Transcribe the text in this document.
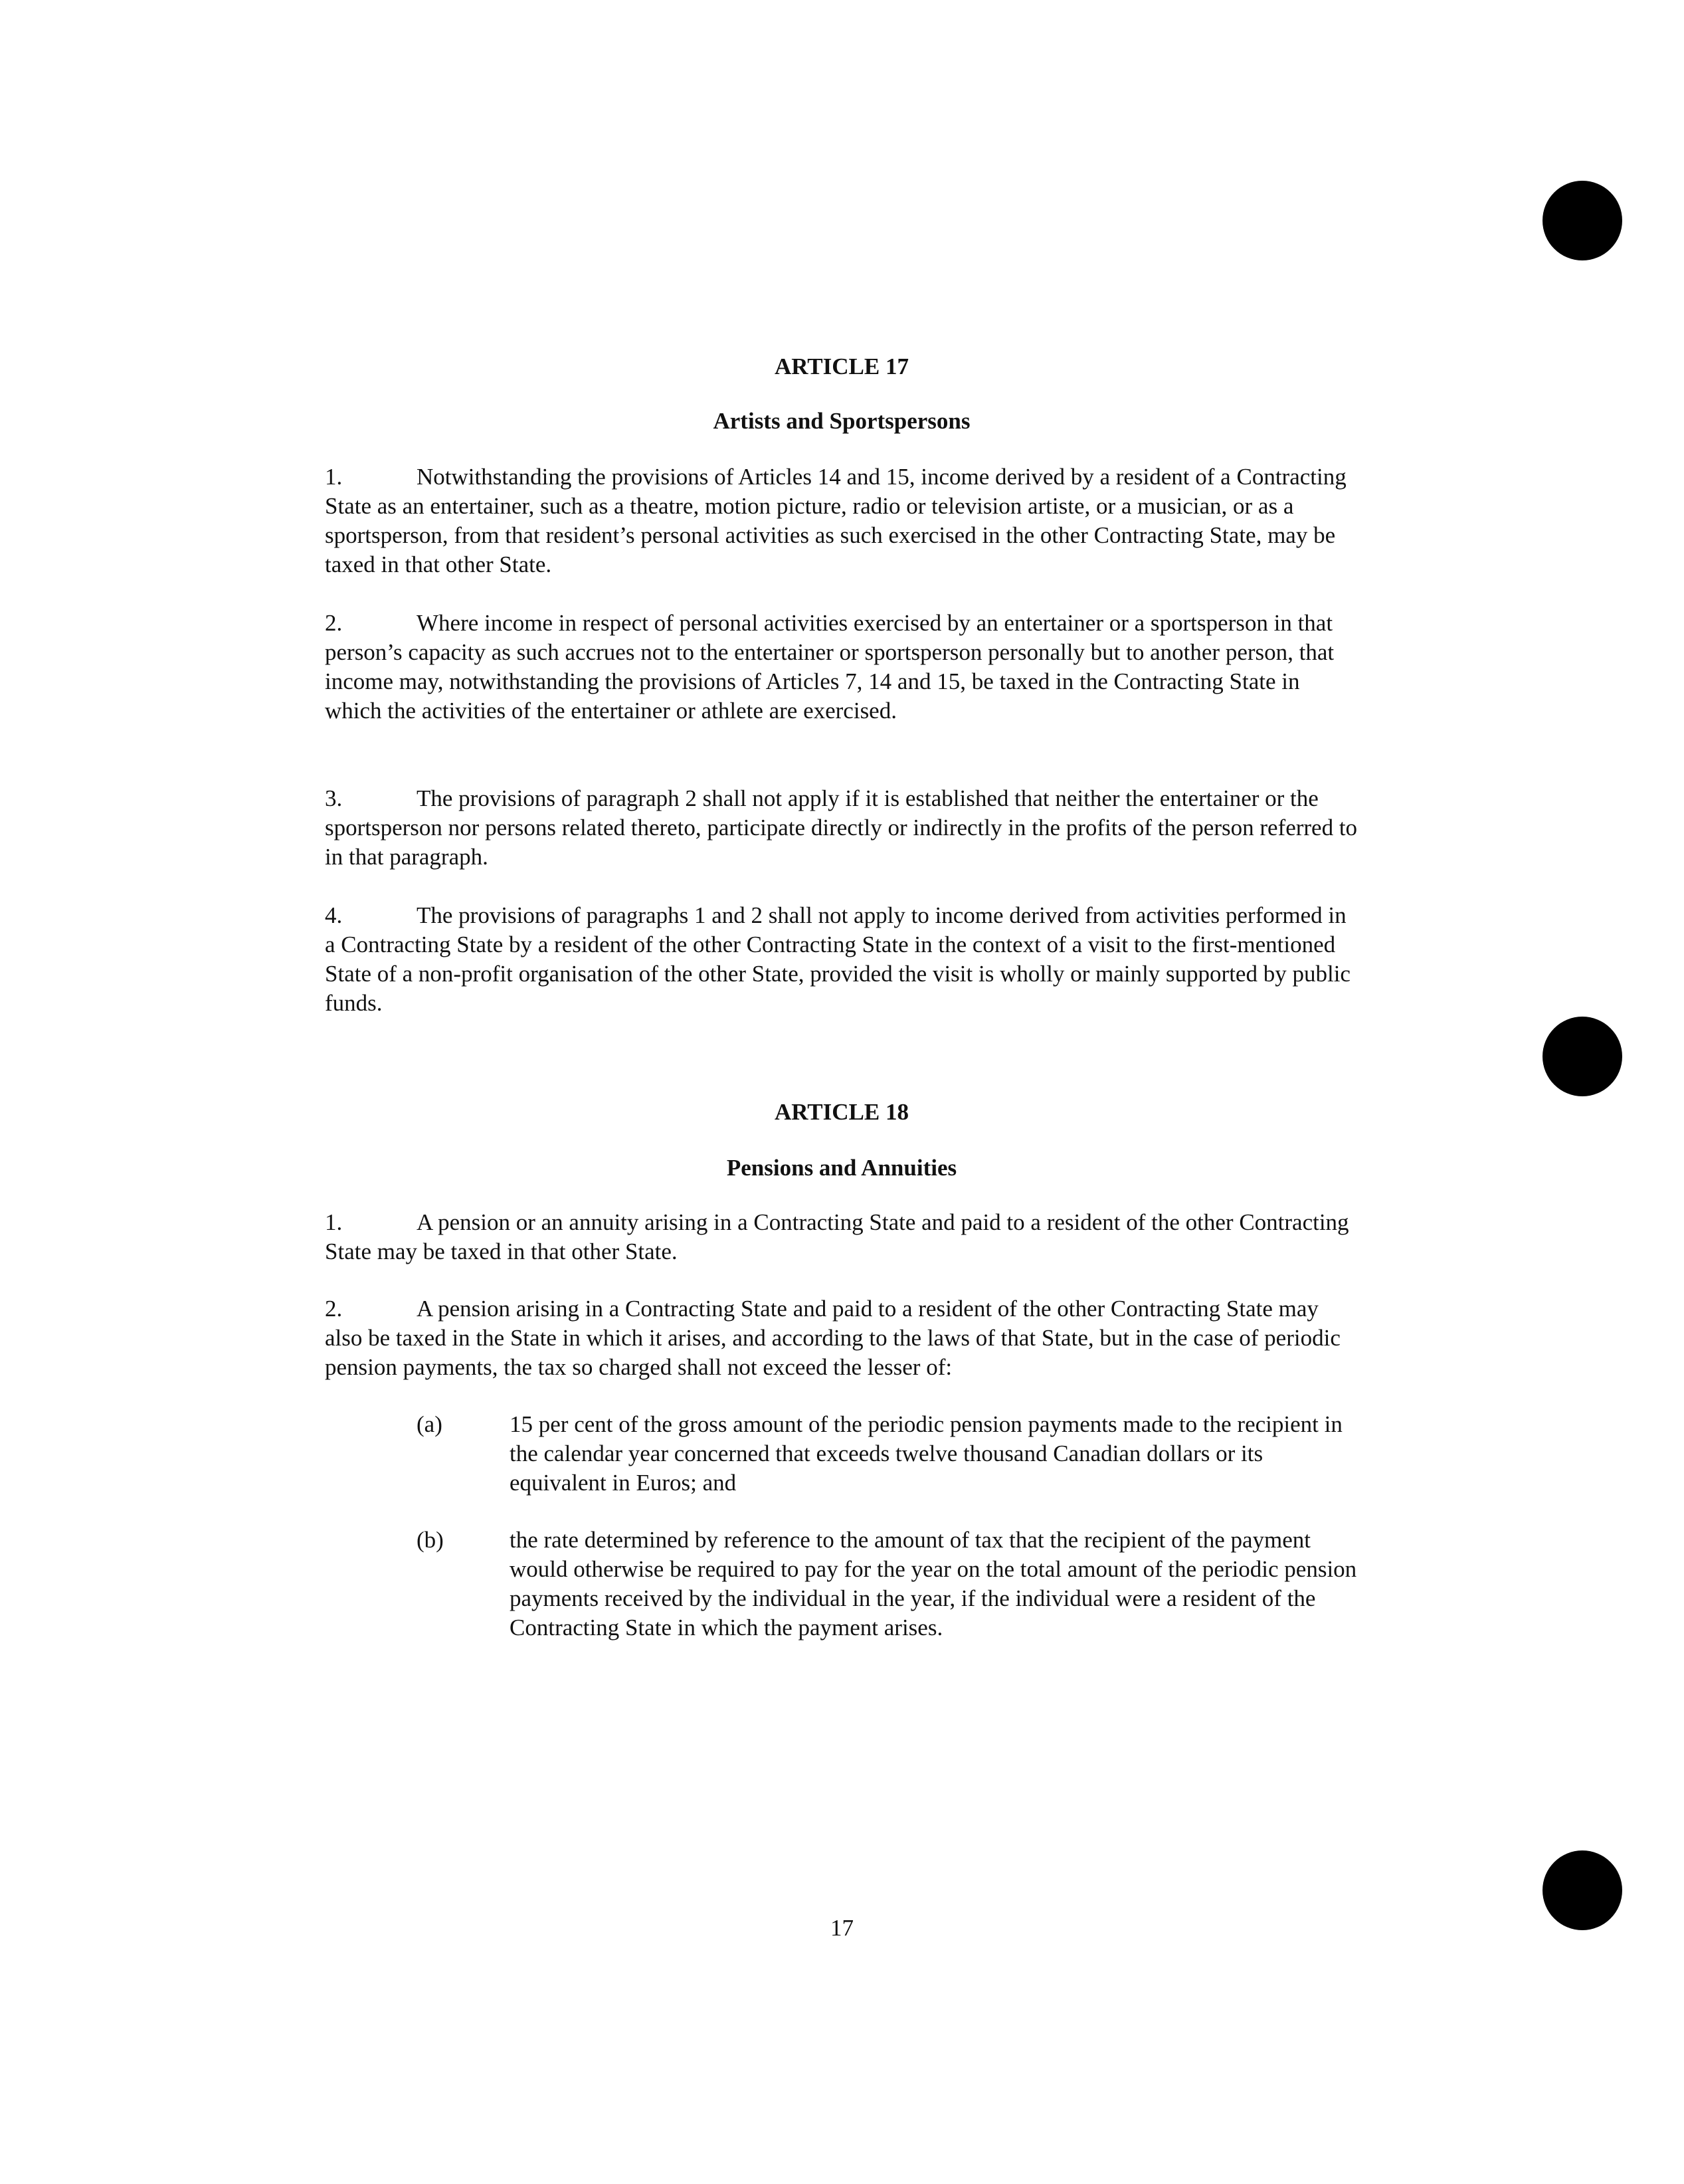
ARTICLE 17
Artists and Sportspersons
1.	Notwithstanding the provisions of Articles 14 and 15, income derived by a resident of a Contracting State as an entertainer, such as a theatre, motion picture, radio or television artiste, or a musician, or as a sportsperson, from that resident’s personal activities as such exercised in the other Contracting State, may be taxed in that other State.
2.	Where income in respect of personal activities exercised by an entertainer or a sportsperson in that person’s capacity as such accrues not to the entertainer or sportsperson personally but to another person, that income may, notwithstanding the provisions of Articles 7, 14 and 15, be taxed in the Contracting State in which the activities of the entertainer or athlete are exercised.
3.	The provisions of paragraph 2 shall not apply if it is established that neither the entertainer or the sportsperson nor persons related thereto, participate directly or indirectly in the profits of the person referred to in that paragraph.
4.	The provisions of paragraphs 1 and 2 shall not apply to income derived from activities performed in a Contracting State by a resident of the other Contracting State in the context of a visit to the first-mentioned State of a non-profit organisation of the other State, provided the visit is wholly or mainly supported by public funds.
ARTICLE 18
Pensions and Annuities
1.	A pension or an annuity arising in a Contracting State and paid to a resident of the other Contracting State may be taxed in that other State.
2.	A pension arising in a Contracting State and paid to a resident of the other Contracting State may also be taxed in the State in which it arises, and according to the laws of that State, but in the case of periodic pension payments, the tax so charged shall not exceed the lesser of:
(a)	15 per cent of the gross amount of the periodic pension payments made to the recipient in the calendar year concerned that exceeds twelve thousand Canadian dollars or its equivalent in Euros; and
(b)	the rate determined by reference to the amount of tax that the recipient of the payment would otherwise be required to pay for the year on the total amount of the periodic pension payments received by the individual in the year, if the individual were a resident of the Contracting State in which the payment arises.
17
